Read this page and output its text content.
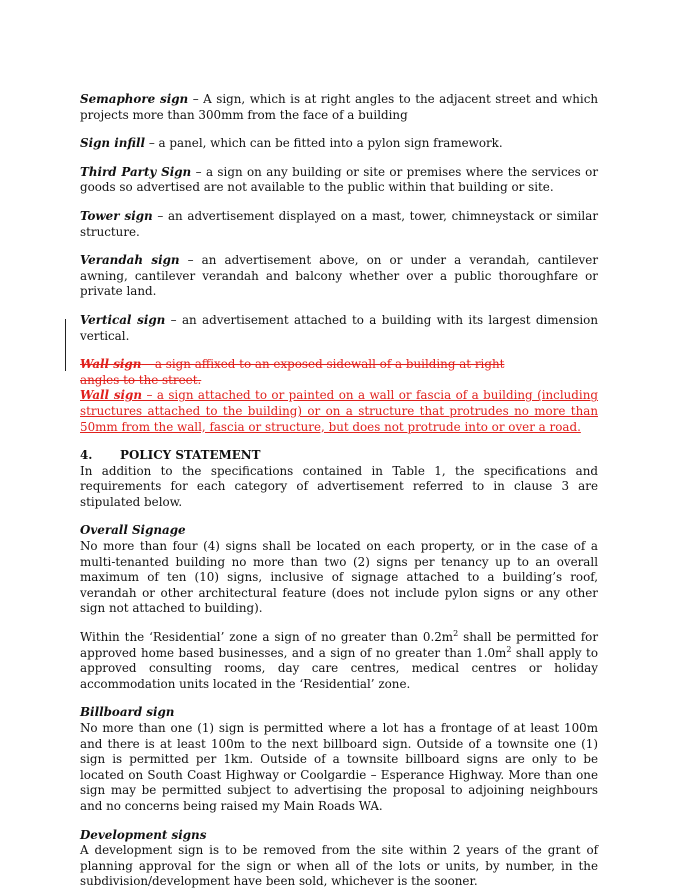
Semaphore sign – A sign, which is at right angles to the adjacent street and which projects more than 300mm from the face of a building

Sign infill – a panel, which can be fitted into a pylon sign framework.

Third Party Sign – a sign on any building or site or premises where the services or goods so advertised are not available to the public within that building or site.

Tower sign – an advertisement displayed on a mast, tower, chimneystack or similar structure.

Verandah sign – an advertisement above, on or under a verandah, cantilever awning, cantilever verandah and balcony whether over a public thoroughfare or private land.

Vertical sign – an advertisement attached to a building with its largest dimension vertical.

Wall sign – a sign affixed to an exposed sidewall of a building at right angles to the street.

Wall sign – a sign attached to or painted on a wall or fascia of a building (including structures attached to the building) or on a structure that protrudes no more than 50mm from the wall, fascia or structure, but does not protrude into or over a road.

4. POLICY STATEMENT

In addition to the specifications contained in Table 1, the specifications and requirements for each category of advertisement referred to in clause 3 are stipulated below.

Overall Signage

No more than four (4) signs shall be located on each property, or in the case of a multi-tenanted building no more than two (2) signs per tenancy up to an overall maximum of ten (10) signs, inclusive of signage attached to a building’s roof, verandah or other architectural feature (does not include pylon signs or any other sign not attached to building).

Within the ‘Residential’ zone a sign of no greater than $0.2m^2$ shall be permitted for approved home based businesses, and a sign of no greater than $1.0m^2$ shall apply to approved consulting rooms, day care centres, medical centres or holiday accommodation units located in the ‘Residential’ zone.

Billboard sign

No more than one (1) sign is permitted where a lot has a frontage of at least 100m and there is at least 100m to the next billboard sign. Outside of a townsite one (1) sign is permitted per 1km. Outside of a townsite billboard signs are only to be located on South Coast Highway or Coolgardie – Esperance Highway. More than one sign may be permitted subject to advertising the proposal to adjoining neighbours and no concerns being raised my Main Roads WA.

Development signs

A development sign is to be removed from the site within 2 years of the grant of planning approval for the sign or when all of the lots or units, by number, in the subdivision/development have been sold, whichever is the sooner.
